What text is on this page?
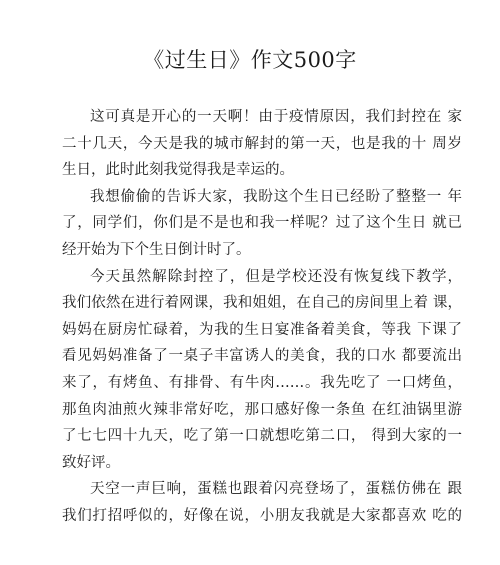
《过生日》作文500字

这可真是开心的一天啊！由于疫情原因，我们封控在 家
二十几天，今天是我的城市解封的第一天，也是我的十 周岁
生日，此时此刻我觉得我是幸运的。

我想偷偷的告诉大家，我盼这个生日已经盼了整整一 年
了，同学们，你们是不是也和我一样呢？过了这个生日 就已
经开始为下个生日倒计时了。

今天虽然解除封控了，但是学校还没有恢复线下教学，
我们依然在进行着网课，我和姐姐，在自己的房间里上着 课，
妈妈在厨房忙碌着，为我的生日宴准备着美食，等我 下课了
看见妈妈准备了一桌子丰富诱人的美食，我的口水 都要流出
来了，有烤鱼、有排骨、有牛肉……。我先吃了 一口烤鱼，
那鱼肉油煎火辣非常好吃，那口感好像一条鱼 在红油锅里游
了七七四十九天，吃了第一口就想吃第二口， 得到大家的一
致好评。

天空一声巨响，蛋糕也跟着闪亮登场了，蛋糕仿佛在 跟
我们打招呼似的，好像在说，小朋友我就是大家都喜欢 吃的
